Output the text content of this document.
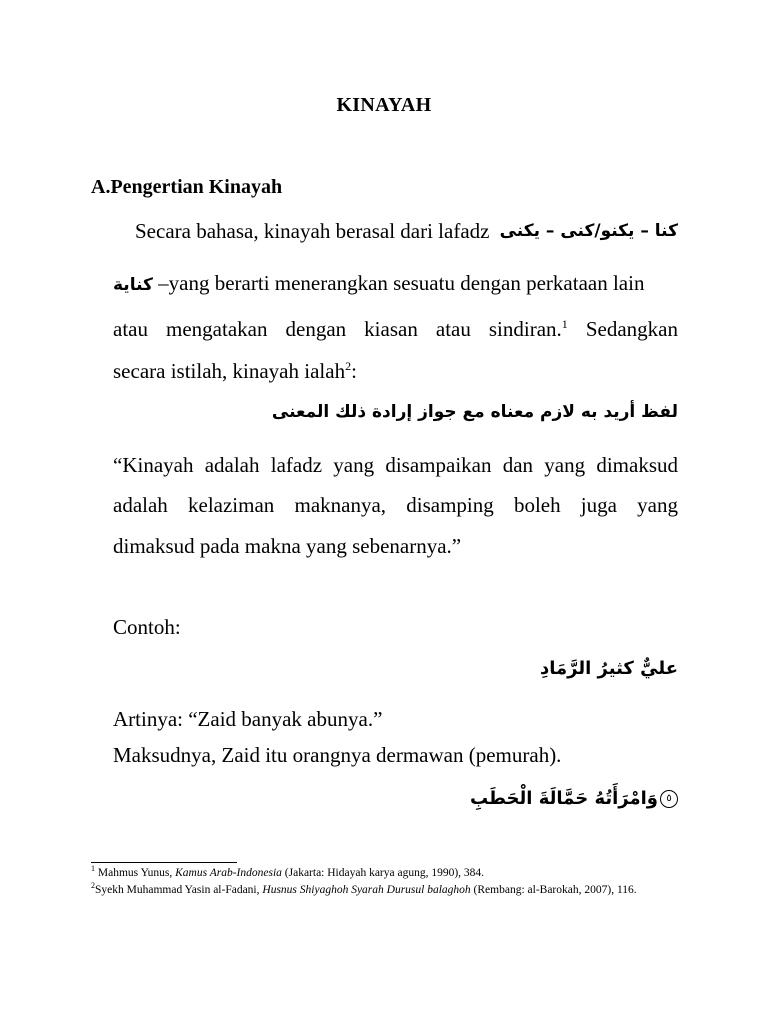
KINAYAH
A.Pengertian Kinayah
Secara bahasa, kinayah berasal dari lafadz كنا – يكنو/كنى – يكنى
كناية –yang berarti menerangkan sesuatu dengan perkataan lain
atau mengatakan dengan kiasan atau sindiran.$^1$ Sedangkan
secara istilah, kinayah ialah$^2$:
لفظ أريد به لازم معناه مع جواز إرادة ذلك المعنى
“Kinayah adalah lafadz yang disampaikan dan yang dimaksud
adalah kelaziman maknanya, disamping boleh juga yang
dimaksud pada makna yang sebenarnya.”
Contoh:
عليٌّ كثيرُ الرَّمَادِ
Artinya: “Zaid banyak abunya.”
Maksudnya, Zaid itu orangnya dermawan (pemurah).
٥وَامْرَأَتُهُ حَمَّالَةَ الْحَطَبِ
$^1$ Mahmus Yunus, Kamus Arab-Indonesia (Jakarta: Hidayah karya agung, 1990), 384.
$^2$Syekh Muhammad Yasin al-Fadani, Husnus Shiyaghoh Syarah Durusul balaghoh (Rembang: al-Barokah, 2007), 116.
